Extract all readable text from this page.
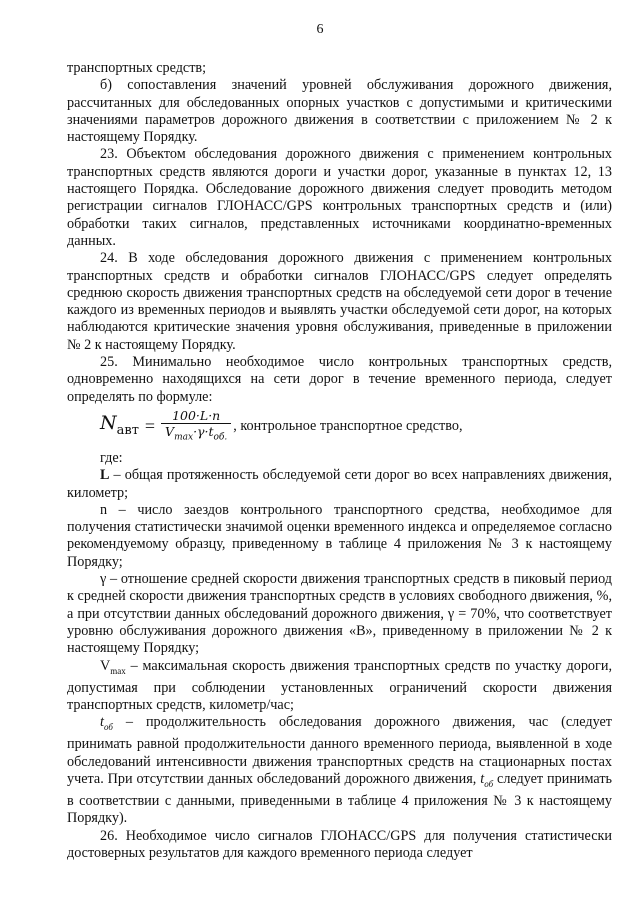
6

транспортных средств;

б) сопоставления значений уровней обслуживания дорожного движения, рассчитанных для обследованных опорных участков с допустимыми и критическими значениями параметров дорожного движения в соответствии с приложением № 2 к настоящему Порядку.

23. Объектом обследования дорожного движения с применением контрольных транспортных средств являются дороги и участки дорог, указанные в пунктах 12, 13 настоящего Порядка. Обследование дорожного движения следует проводить методом регистрации сигналов ГЛОНАСС/GPS контрольных транспортных средств и (или) обработки таких сигналов, представленных источниками координатно-временных данных.

24. В ходе обследования дорожного движения с применением контрольных транспортных средств и обработки сигналов ГЛОНАСС/GPS следует определять среднюю скорость движения транспортных средств на обследуемой сети дорог в течение каждого из временных периодов и выявлять участки обследуемой сети дорог, на которых наблюдаются критические значения уровня обслуживания, приведенные в приложении № 2 к настоящему Порядку.

25. Минимально необходимое число контрольных транспортных средств, одновременно находящихся на сети дорог в течение временного периода, следует определять по формуле:

$N_{авт} = \frac{100\cdot L\cdot n}{V_{max}\cdot\gamma\cdot t_{об.}}$ , контрольное транспортное средство,

где:

L – общая протяженность обследуемой сети дорог во всех направлениях движения, километр;

n – число заездов контрольного транспортного средства, необходимое для получения статистически значимой оценки временного индекса и определяемое согласно рекомендуемому образцу, приведенному в таблице 4 приложения № 3 к настоящему Порядку;

γ – отношение средней скорости движения транспортных средств в пиковый период к средней скорости движения транспортных средств в условиях свободного движения, %, а при отсутствии данных обследований дорожного движения, γ = 70%, что соответствует уровню обслуживания дорожного движения «В», приведенному в приложении № 2 к настоящему Порядку;

$V_{max}$ – максимальная скорость движения транспортных средств по участку дороги, допустимая при соблюдении установленных ограничений скорости движения транспортных средств, километр/час;

$t_{об}$ – продолжительность обследования дорожного движения, час (следует принимать равной продолжительности данного временного периода, выявленной в ходе обследований интенсивности движения транспортных средств на стационарных постах учета. При отсутствии данных обследований дорожного движения, $t_{об}$ следует принимать в соответствии с данными, приведенными в таблице 4 приложения № 3 к настоящему Порядку).

26. Необходимое число сигналов ГЛОНАСС/GPS для получения статистически достоверных результатов для каждого временного периода следует
